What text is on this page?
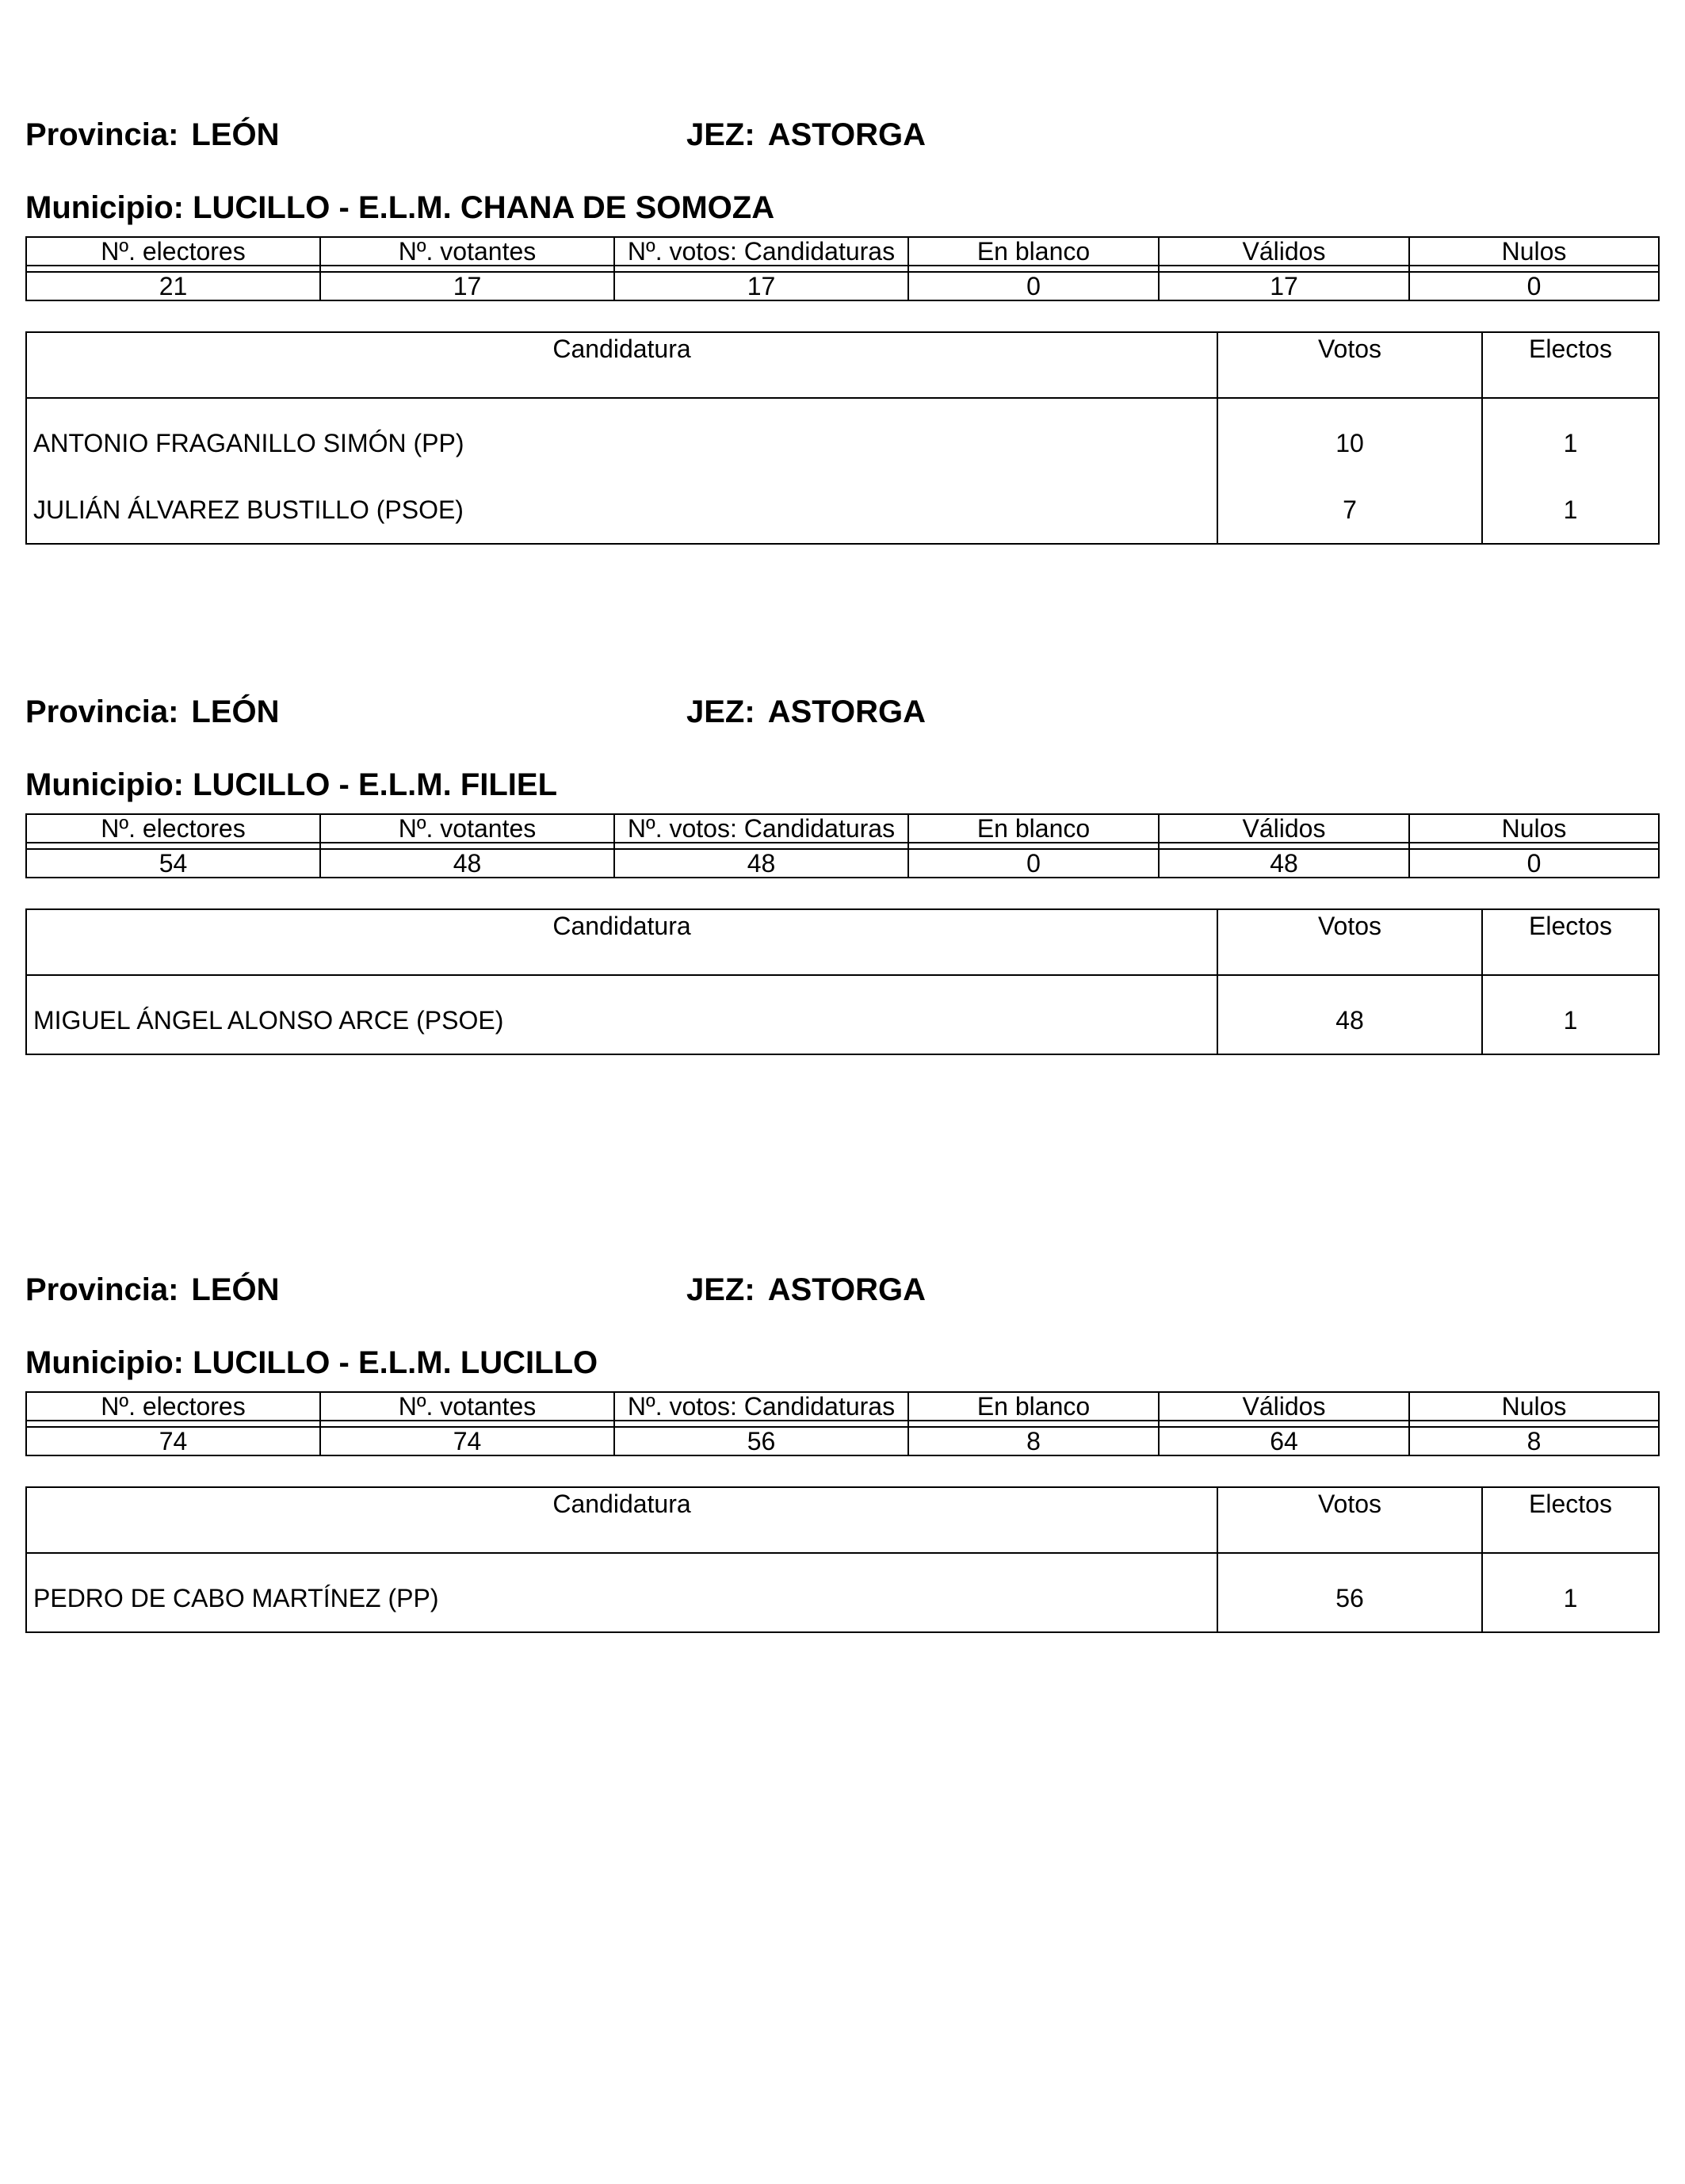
Provincia: LEÓN	JEZ: ASTORGA
Municipio: LUCILLO - E.L.M. CHANA DE SOMOZA
Nº. electores	Nº. votantes	Nº. votos: Candidaturas	En blanco	Válidos	Nulos

21	17	17	0	17	0
Candidatura	Votos	Electos
ANTONIO FRAGANILLO SIMÓN (PP)	10	1
JULIÁN ÁLVAREZ BUSTILLO (PSOE)	7	1
Provincia: LEÓN	JEZ: ASTORGA
Municipio: LUCILLO - E.L.M. FILIEL
Nº. electores	Nº. votantes	Nº. votos: Candidaturas	En blanco	Válidos	Nulos

54	48	48	0	48	0
Candidatura	Votos	Electos
MIGUEL ÁNGEL ALONSO ARCE (PSOE)	48	1
Provincia: LEÓN	JEZ: ASTORGA
Municipio: LUCILLO - E.L.M. LUCILLO
Nº. electores	Nº. votantes	Nº. votos: Candidaturas	En blanco	Válidos	Nulos

74	74	56	8	64	8
Candidatura	Votos	Electos
PEDRO DE CABO MARTÍNEZ (PP)	56	1
